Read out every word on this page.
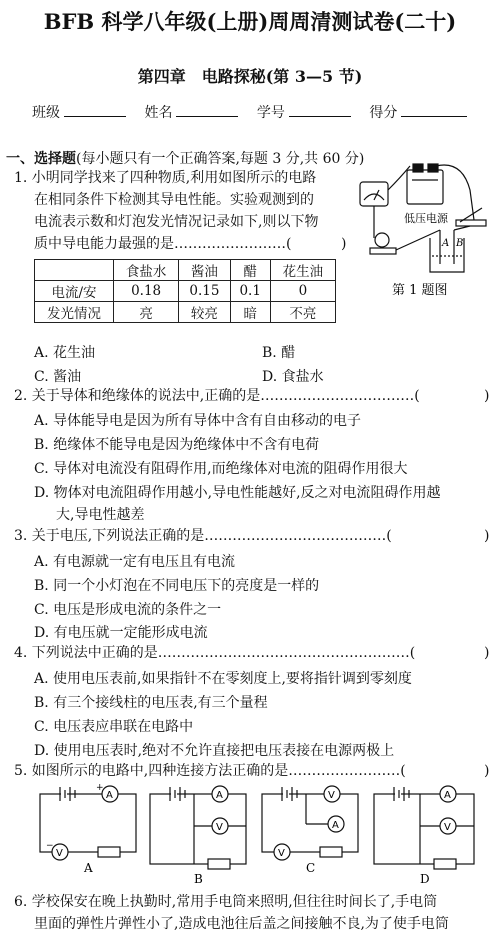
BFB 科学八年级(上册)周周清测试卷(二十)
第四章　电路探秘(第 3—5 节)
班级	姓名	学号	得分
一、选择题(每小题只有一个正确答案,每题 3 分,共 60 分)
1. 小明同学找来了四种物质,利用如图所示的电路
在相同条件下检测其导电性能。实验观测到的
电流表示数和灯泡发光情况记录如下,则以下物
质中导电能力最强的是……………………(	)
	食盐水	酱油	醋	花生油
电流/安	0.18	0.15	0.1	0
发光情况	亮	较亮	暗	不亮
低压电源
A B
第 1 题图
A. 花生油	B. 醋
C. 酱油	D. 食盐水
2. 关于导体和绝缘体的说法中,正确的是……………………………(	)
A. 导体能导电是因为所有导体中含有自由移动的电子
B. 绝缘体不能导电是因为绝缘体中不含有电荷
C. 导体对电流没有阻碍作用,而绝缘体对电流的阻碍作用很大
D. 物体对电流阻碍作用越小,导电性能越好,反之对电流阻碍作用越
大,导电性越差
3. 关于电压,下列说法正确的是…………………………………(	)
A. 有电源就一定有电压且有电流
B. 同一个小灯泡在不同电压下的亮度是一样的
C. 电压是形成电流的条件之一
D. 有电压就一定能形成电流
4. 下列说法中正确的是………………………………………………(	)
A. 使用电压表前,如果指针不在零刻度上,要将指针调到零刻度
B. 有三个接线柱的电压表,有三个量程
C. 电压表应串联在电路中
D. 使用电压表时,绝对不允许直接把电压表接在电源两极上
5. 如图所示的电路中,四种连接方法正确的是……………………(	)
A
V
+
−
A
A
V
B
V
A
V
C
A
V
D
6. 学校保安在晚上执勤时,常用手电筒来照明,但往往时间长了,手电筒
里面的弹性片弹性小了,造成电池往后盖之间接触不良,为了使手电筒
